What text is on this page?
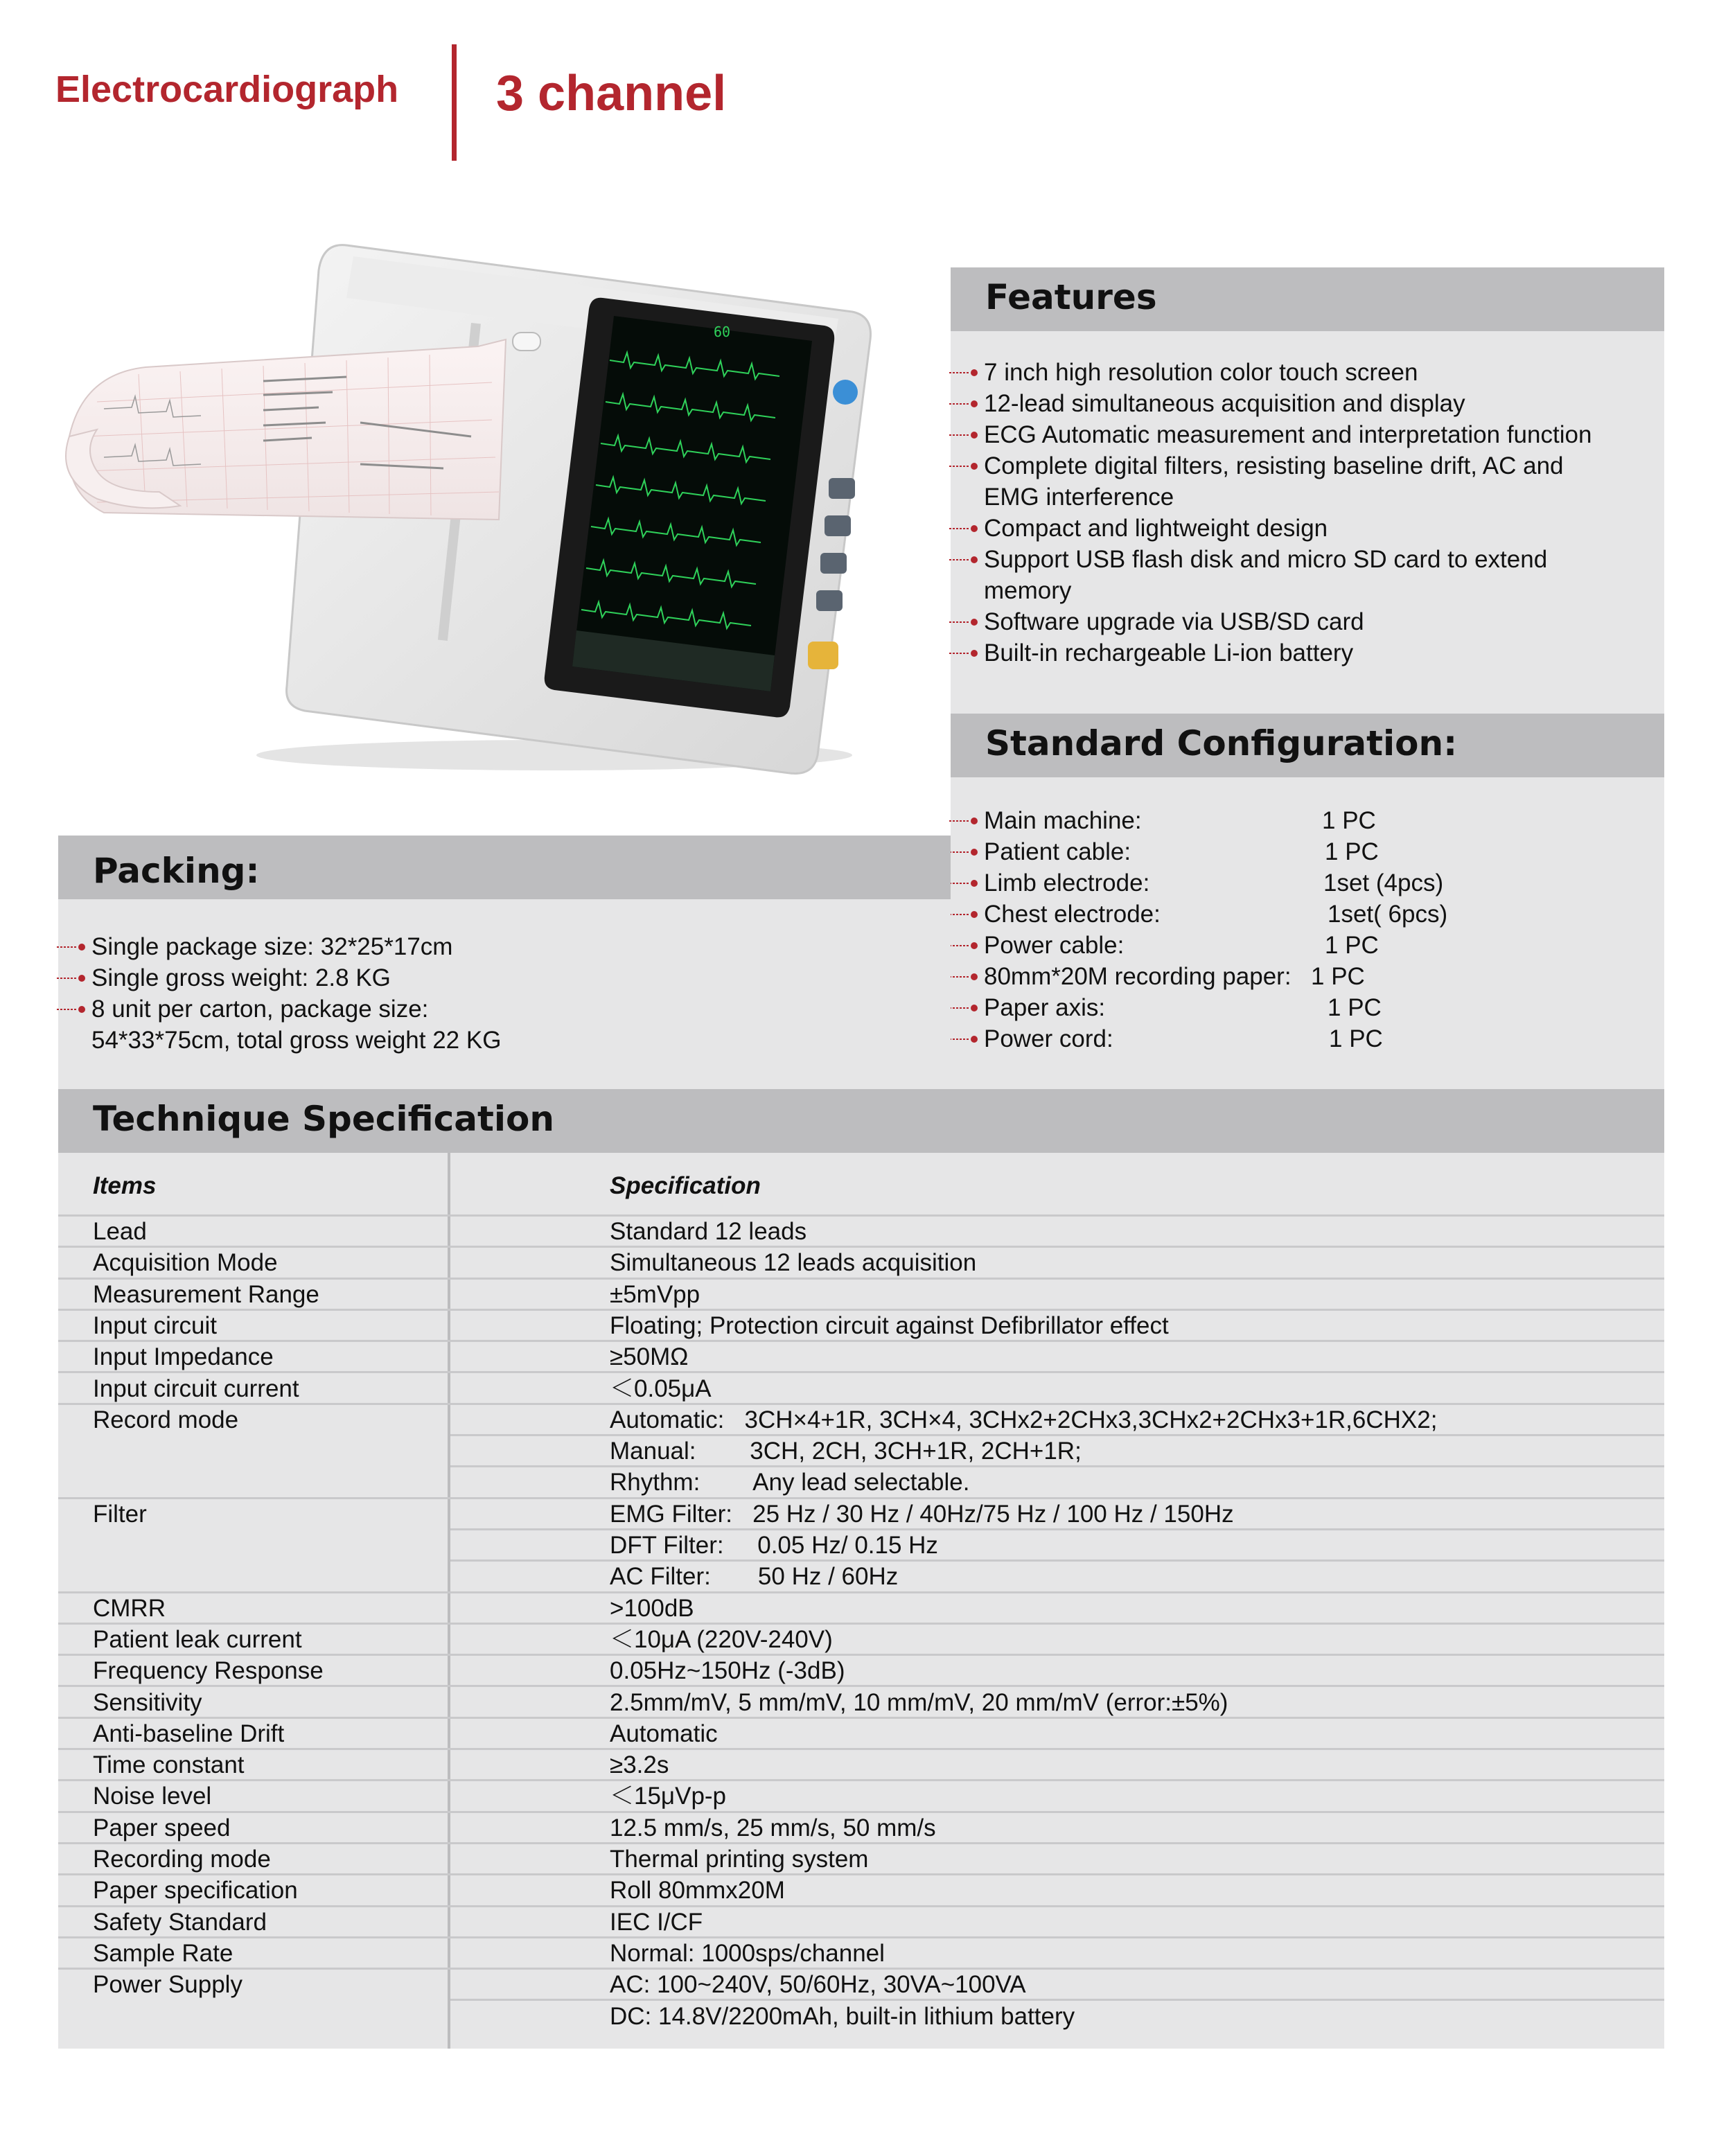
Electrocardiograph 3 channel
60
Features
7 inch high resolution color touch screen
12-lead simultaneous acquisition and display
ECG Automatic measurement and interpretation function
Complete digital filters, resisting baseline drift, AC and
EMG interference
Compact and lightweight design
Support USB flash disk and micro SD card to extend
memory
Software upgrade via USB/SD card
Built-in rechargeable Li-ion battery
Standard Configuration:
Main machine:	1 PC
Patient cable:	1 PC
Limb electrode:	1set (4pcs)
Chest electrode:	1set( 6pcs)
Power cable:	1 PC
80mm*20M recording paper: 1 PC
Paper axis:	1 PC
Power cord:	1 PC
Packing:
Single package size: 32*25*17cm
Single gross weight: 2.8 KG
8 unit per carton, package size:
54*33*75cm, total gross weight 22 KG
Technique Specification
Items	Specification
Lead	Standard 12 leads
Acquisition Mode	Simultaneous 12 leads acquisition
Measurement Range	±5mVpp
Input circuit	Floating; Protection circuit against Defibrillator effect
Input Impedance	≥50MΩ
Input circuit current	＜0.05μA
Record mode	Automatic:   3CH×4+1R, 3CH×4, 3CHx2+2CHx3,3CHx2+2CHx3+1R,6CHX2;
Manual:        3CH, 2CH, 3CH+1R, 2CH+1R;
Rhythm:        Any lead selectable.
Filter	EMG Filter:   25 Hz / 30 Hz / 40Hz/75 Hz / 100 Hz / 150Hz
DFT Filter:     0.05 Hz/ 0.15 Hz
AC Filter:       50 Hz / 60Hz
CMRR	>100dB
Patient leak current	＜10μA (220V-240V)
Frequency Response	0.05Hz~150Hz (-3dB)
Sensitivity	2.5mm/mV, 5 mm/mV, 10 mm/mV, 20 mm/mV (error:±5%)
Anti-baseline Drift	Automatic
Time constant	≥3.2s
Noise level	＜15μVp-p
Paper speed	12.5 mm/s, 25 mm/s, 50 mm/s
Recording mode	Thermal printing system
Paper specification	Roll 80mmx20M
Safety Standard	IEC I/CF
Sample Rate	Normal: 1000sps/channel
Power Supply	AC: 100~240V, 50/60Hz, 30VA~100VA
DC: 14.8V/2200mAh, built-in lithium battery
